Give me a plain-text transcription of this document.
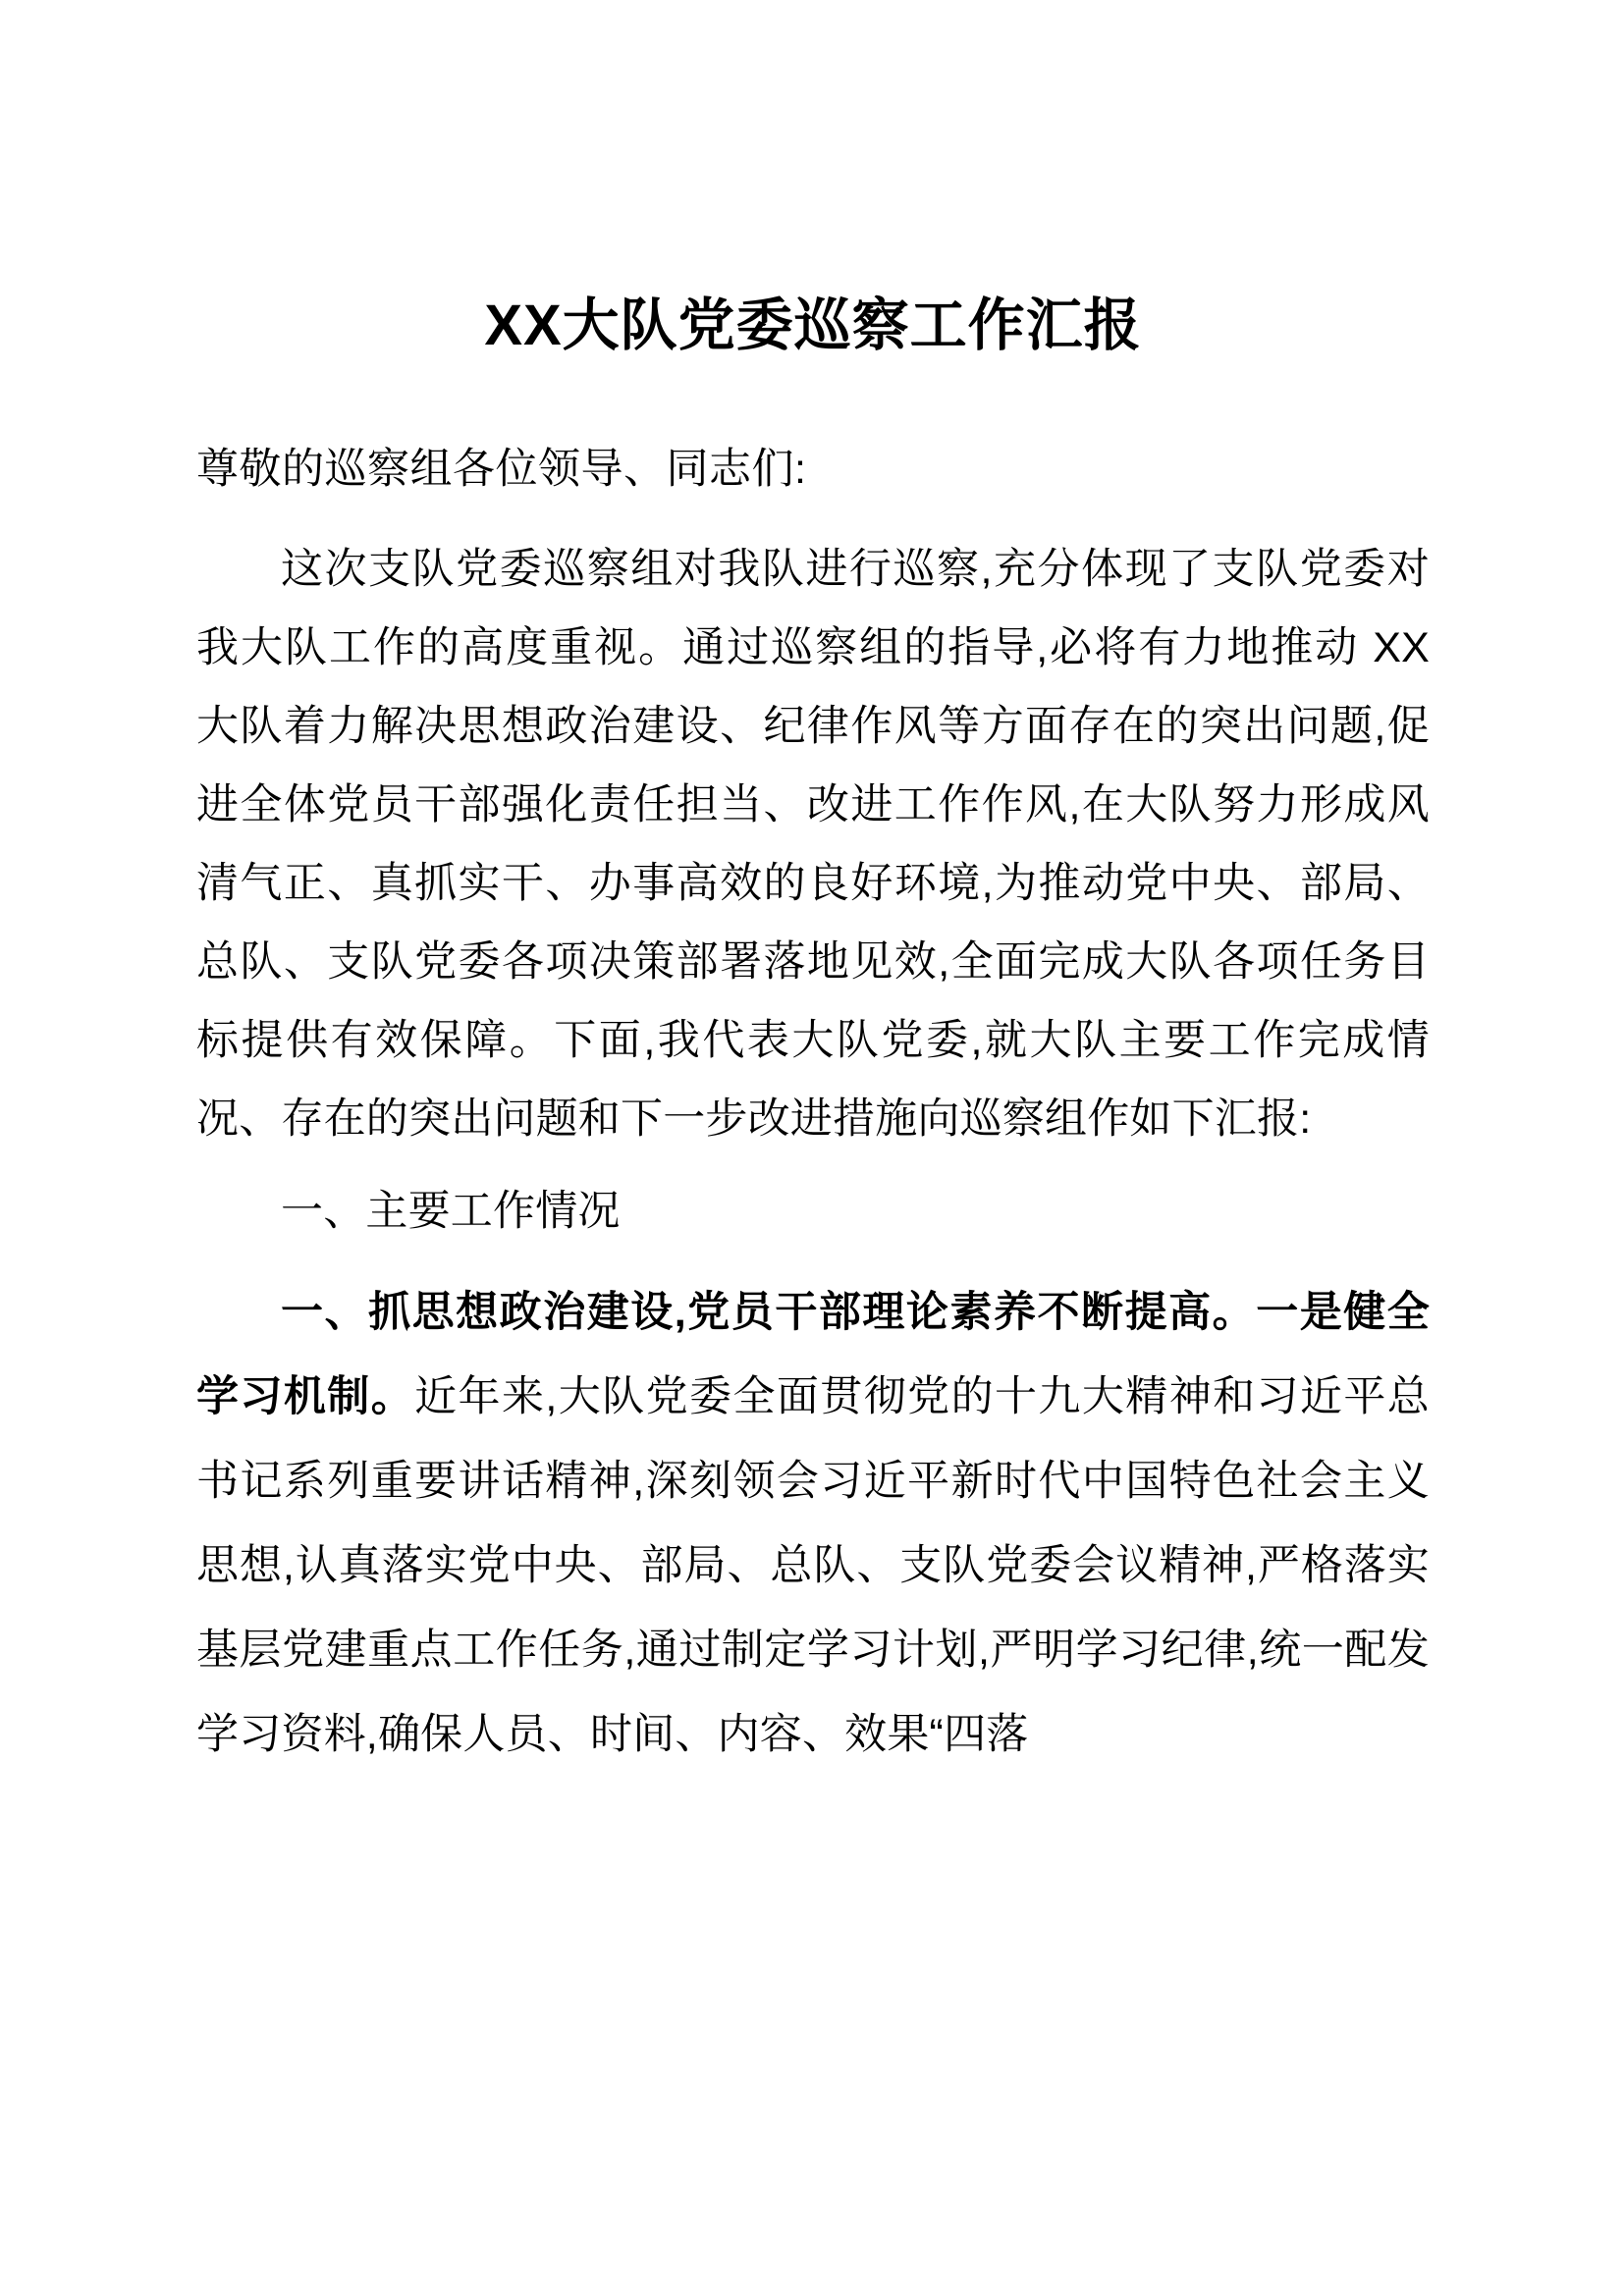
XX大队党委巡察工作汇报

尊敬的巡察组各位领导、同志们:

这次支队党委巡察组对我队进行巡察,充分体现了支队党委对我大队工作的高度重视。通过巡察组的指导,必将有力地推动 XX 大队着力解决思想政治建设、纪律作风等方面存在的突出问题,促进全体党员干部强化责任担当、改进工作作风,在大队努力形成风清气正、真抓实干、办事高效的良好环境,为推动党中央、部局、总队、支队党委各项决策部署落地见效,全面完成大队各项任务目标提供有效保障。下面,我代表大队党委,就大队主要工作完成情况、存在的突出问题和下一步改进措施向巡察组作如下汇报:

一、主要工作情况

一、抓思想政治建设,党员干部理论素养不断提高。一是健全学习机制。近年来,大队党委全面贯彻党的十九大精神和习近平总书记系列重要讲话精神,深刻领会习近平新时代中国特色社会主义思想,认真落实党中央、部局、总队、支队党委会议精神,严格落实基层党建重点工作任务,通过制定学习计划,严明学习纪律,统一配发学习资料,确保人员、时间、内容、效果“四落
